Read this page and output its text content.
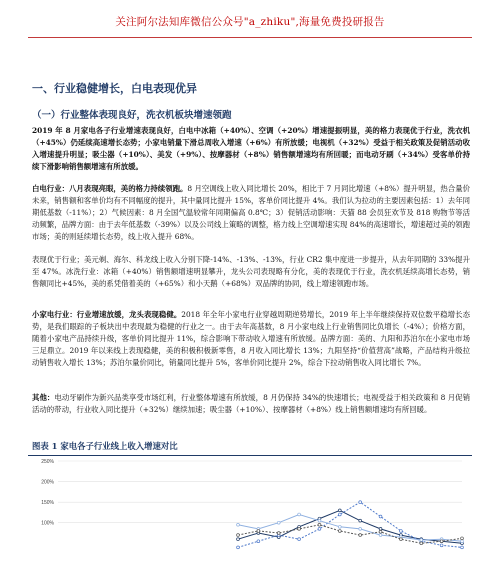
关注阿尔法知库微信公众号"a_zhiku",海量免费投研报告
一、行业稳健增长，白电表现优异
（一）行业整体表现良好，洗衣机板块增速领跑
2019 年 8 月家电各子行业增速表现良好，白电中冰箱（+40%）、空调（+20%）增速提振明显，美的格力表现优于行业，洗衣机（+45%）仍延续高速增长态势；小家电销量下滑总周收入增速（+6%）有所放缓；电视机（+32%）受益于相关政策及促销活动收入增速提升明显；吸尘器（+10%）、美发（+9%）、按摩器材（+8%）销售额增速均有所回暖；而电动牙刷（+34%）受客单价持续下滑影响销售额增速有所放缓。
白电行业：八月表现亮眼，美的格力持续领跑。8 月空调线上收入同比增长 20%，相比于 7 月同比增速（+8%）提升明显，热合量价未来，销售额和客单价均有不同幅度的提升，其中量同比提升 15%，客单价同比提升 4%。我们认为拉动的主要因素包括：1）去年同期低基数（-11%）；2）气候因素：8 月全国气温较常年同期偏高 0.8℃；3）促销活动影响：天猫 88 会员狂欢节及 818 购物节等活动频繁，品牌方面：由于去年低基数（-39%）以及公司线上策略的调整，格力线上空调增速实现 84%的高速增长，增速超过美的领跑市场；美的则延续增长态势，线上收入提升 68%。
表现优于行业；美元剃、海尔、科龙线上收入分别下降-14%、-13%、-13%，行业 CR2 集中度进一步提升，从去年同期的 33%提升至 47%。冰洗行业：冰箱（+40%）销售额增速明显攀升，龙头公司表现略有分化，美的表现优于行业，洗衣机延续高增长态势，销售额同比+45%，美的系凭借着美的（+65%）和小天鹅（+68%）双品牌的协同，线上增速领跑市场。
小家电行业：行业增速放缓，龙头表现稳健。2018 年全年小家电行业穿越周期逆势增长，2019 年上半年继续保持双位数平稳增长态势，是我们眼踪的子板块出中表现最为稳健的行业之一。由于去年高基数，8 月小家电线上行业销售同比负增长（-4%）；价格方面，随着小家电产品持续升级，客单价同比提升 11%，综合影响下带动收入增速有所放缓。品牌方面：美的、九阳和苏泊尔在小家电市场三足鼎立。2019 年以来线上表现稳健，美的积极积极新零售，8 月收入同比增长 13%；九阳坚持“价值营高”战略，产品结构升级拉动销售收入增长 13%；苏泊尔量价同比，销量同比提升 5%，客单价同比提升 2%，综合下拉动销售收入同比增长 7%。
其他：电动牙刷作为新兴品类享受市场红利，行业整体增速有所放缓，8 月仍保持 34%的快速增长；电视受益于相关政策和 8 月促销活动的带动，行业收入同比提升（+32%）继续加速；吸尘器（+10%）、按摩器材（+8%）线上销售额增速均有所回暖。
图表 1 家电各子行业线上收入增速对比
250%
200%
150%
100%
